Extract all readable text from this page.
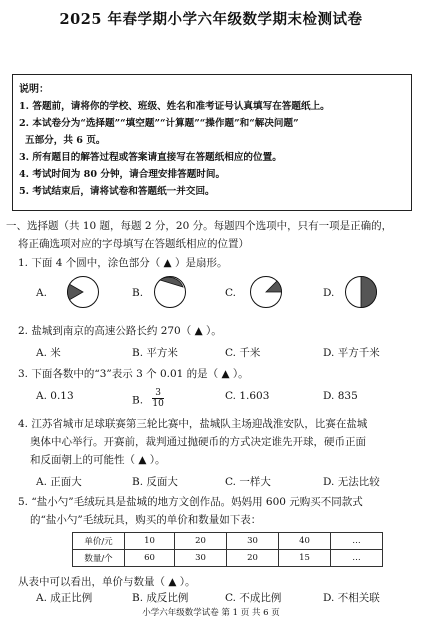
2025 年春学期小学六年级数学期末检测试卷
说明：
1. 答题前，请将你的学校、班级、姓名和准考证号认真填写在答题纸上。
2. 本试卷分为“选择题”“填空题”“计算题”“操作题”和“解决问题”
五部分，共 6 页。
3. 所有题目的解答过程或答案请直接写在答题纸相应的位置。
4. 考试时间为 80 分钟，请合理安排答题时间。
5. 考试结束后，请将试卷和答题纸一并交回。
一、选择题（共 10 题，每题 2 分，20 分。每题四个选项中，只有一项是正确的，
将正确选项对应的字母填写在答题纸相应的位置）
1. 下面 4 个圆中，涂色部分（ ▲ ）是扇形。
A.	B.	C.	D.
2. 盐城到南京的高速公路长约 270（ ▲ ）。
A. 米	B. 平方米	C. 千米	D. 平方千米
3. 下面各数中的“3”表示 3 个 0.01 的是（ ▲ ）。
A. 0.13	B. $\frac{3}{10}$	C. 1.603	D. 835
4. 江苏省城市足球联赛第三轮比赛中，盐城队主场迎战淮安队，比赛在盐城
奥体中心举行。开赛前，裁判通过抛硬币的方式决定谁先开球，硬币正面
和反面朝上的可能性（ ▲ ）。
A. 正面大	B. 反面大	C. 一样大	D. 无法比较
5. “盐小勺”毛绒玩具是盐城的地方文创作品。妈妈用 600 元购买不同款式
的“盐小勺”毛绒玩具，购买的单价和数量如下表：
单价/元	10	20	30	40	…
数量/个	60	30	20	15	…
从表中可以看出，单价与数量（ ▲ ）。
A. 成正比例	B. 成反比例	C. 不成比例	D. 不相关联
小学六年级数学试卷 第 1 页 共 6 页
